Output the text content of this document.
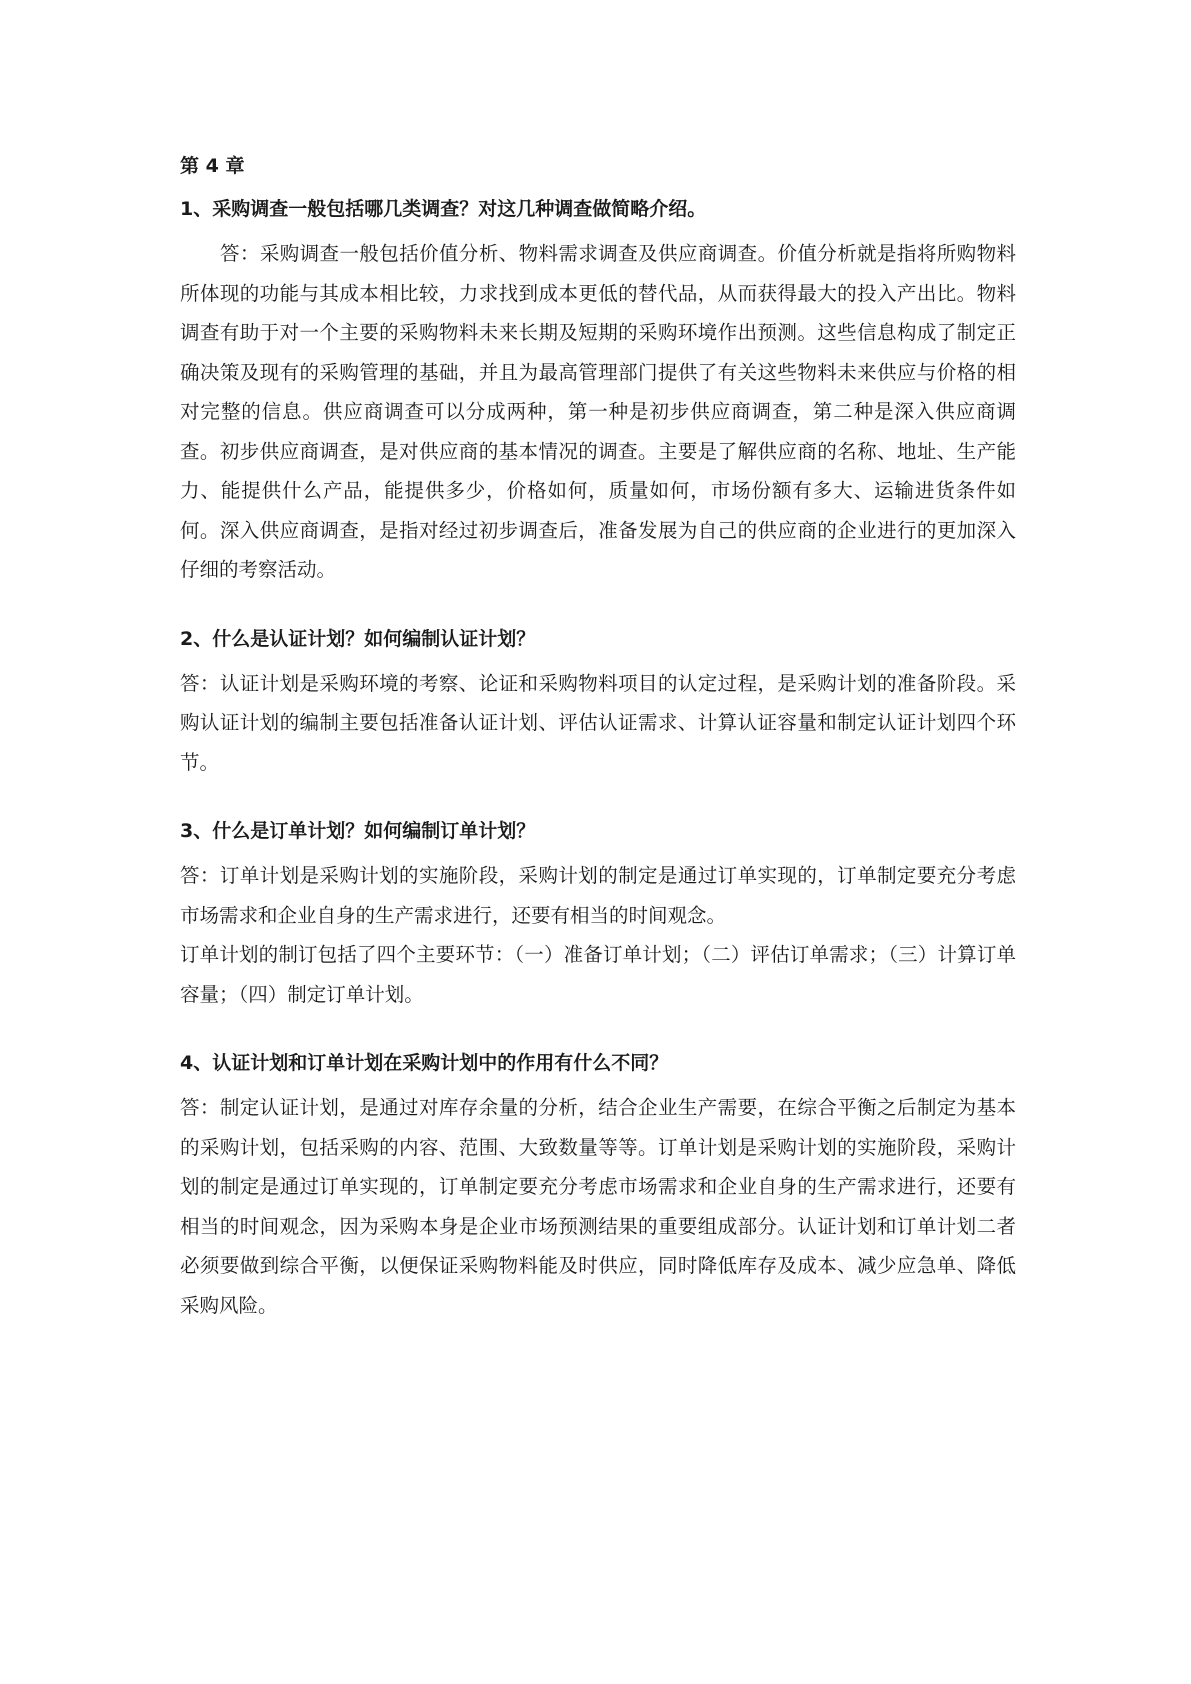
第 4 章
1、采购调查一般包括哪几类调查？对这几种调查做简略介绍。

答：采购调查一般包括价值分析、物料需求调查及供应商调查。价值分析就是指将所购物料所体现的功能与其成本相比较，力求找到成本更低的替代品，从而获得最大的投入产出比。物料调查有助于对一个主要的采购物料未来长期及短期的采购环境作出预测。这些信息构成了制定正确决策及现有的采购管理的基础，并且为最高管理部门提供了有关这些物料未来供应与价格的相对完整的信息。供应商调查可以分成两种，第一种是初步供应商调查，第二种是深入供应商调查。初步供应商调查，是对供应商的基本情况的调查。主要是了解供应商的名称、地址、生产能力、能提供什么产品，能提供多少，价格如何，质量如何，市场份额有多大、运输进货条件如何。深入供应商调查，是指对经过初步调查后，准备发展为自己的供应商的企业进行的更加深入仔细的考察活动。

2、什么是认证计划？如何编制认证计划？

答：认证计划是采购环境的考察、论证和采购物料项目的认定过程，是采购计划的准备阶段。采购认证计划的编制主要包括准备认证计划、评估认证需求、计算认证容量和制定认证计划四个环节。

3、什么是订单计划？如何编制订单计划？

答：订单计划是采购计划的实施阶段，采购计划的制定是通过订单实现的，订单制定要充分考虑市场需求和企业自身的生产需求进行，还要有相当的时间观念。

订单计划的制订包括了四个主要环节：（一）准备订单计划；（二）评估订单需求；（三）计算订单容量；（四）制定订单计划。

4、认证计划和订单计划在采购计划中的作用有什么不同？

答：制定认证计划，是通过对库存余量的分析，结合企业生产需要，在综合平衡之后制定为基本的采购计划，包括采购的内容、范围、大致数量等等。订单计划是采购计划的实施阶段，采购计划的制定是通过订单实现的，订单制定要充分考虑市场需求和企业自身的生产需求进行，还要有相当的时间观念，因为采购本身是企业市场预测结果的重要组成部分。认证计划和订单计划二者必须要做到综合平衡，以便保证采购物料能及时供应，同时降低库存及成本、减少应急单、降低采购风险。
